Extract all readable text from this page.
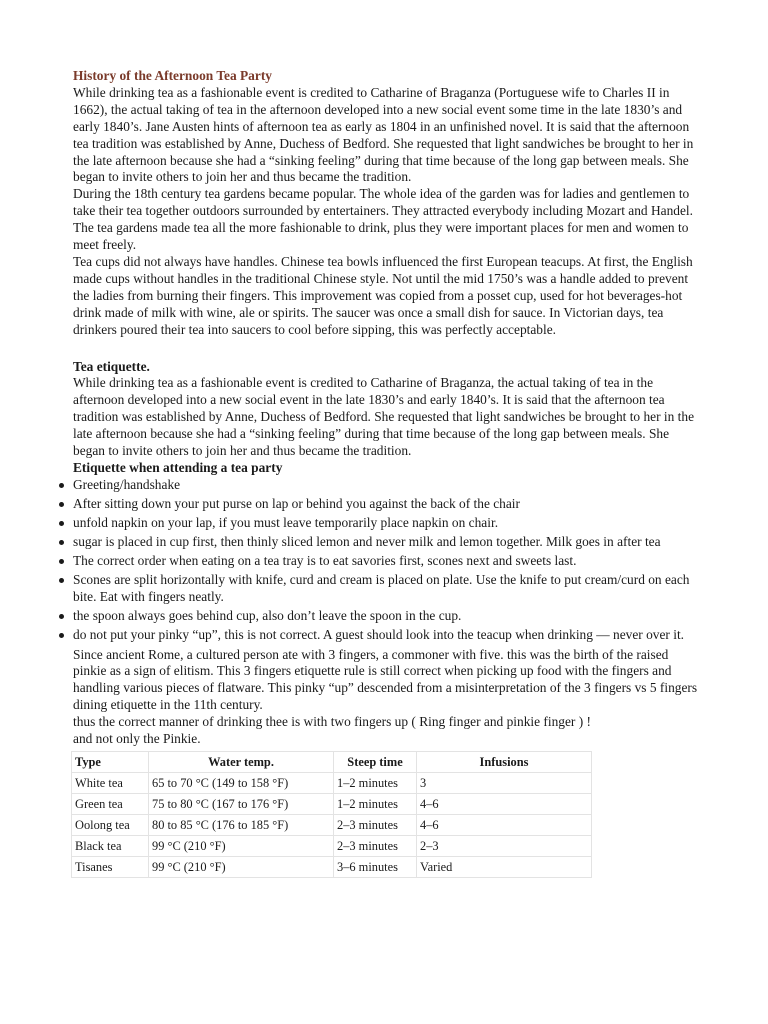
History of the Afternoon Tea Party

While drinking tea as a fashionable event is credited to Catharine of Braganza (Portuguese wife to Charles II in 1662), the actual taking of tea in the afternoon developed into a new social event some time in the late 1830’s and early 1840’s. Jane Austen hints of afternoon tea as early as 1804 in an unfinished novel. It is said that the afternoon tea tradition was established by Anne, Duchess of Bedford. She requested that light sandwiches be brought to her in the late afternoon because she had a “sinking feeling” during that time because of the long gap between meals. She began to invite others to join her and thus became the tradition.

During the 18th century tea gardens became popular. The whole idea of the garden was for ladies and gentlemen to take their tea together outdoors surrounded by entertainers. They attracted everybody including Mozart and Handel. The tea gardens made tea all the more fashionable to drink, plus they were important places for men and women to meet freely.

Tea cups did not always have handles. Chinese tea bowls influenced the first European teacups. At first, the English made cups without handles in the traditional Chinese style. Not until the mid 1750’s was a handle added to prevent the ladies from burning their fingers. This improvement was copied from a posset cup, used for hot beverages-hot drink made of milk with wine, ale or spirits. The saucer was once a small dish for sauce. In Victorian days, tea drinkers poured their tea into saucers to cool before sipping, this was perfectly acceptable.

Tea etiquette.

While drinking tea as a fashionable event is credited to Catharine of Braganza, the actual taking of tea in the afternoon developed into a new social event in the late 1830’s and early 1840’s. It is said that the afternoon tea tradition was established by Anne, Duchess of Bedford. She requested that light sandwiches be brought to her in the late afternoon because she had a “sinking feeling” during that time because of the long gap between meals. She began to invite others to join her and thus became the tradition.

Etiquette when attending a tea party

Greeting/handshake
After sitting down your put purse on lap or behind you against the back of the chair
unfold napkin on your lap, if you must leave temporarily place napkin on chair.
sugar is placed in cup first, then thinly sliced lemon and never milk and lemon together. Milk goes in after tea
The correct order when eating on a tea tray is to eat savories first, scones next and sweets last.
Scones are split horizontally with knife, curd and cream is placed on plate. Use the knife to put cream/curd on each bite. Eat with fingers neatly.
the spoon always goes behind cup, also don’t leave the spoon in the cup.
do not put your pinky “up”, this is not correct. A guest should look into the teacup when drinking — never over it.

Since ancient Rome, a cultured person ate with 3 fingers, a commoner with five. this was the birth of the raised pinkie as a sign of elitism. This 3 fingers etiquette rule is still correct when picking up food with the fingers and handling various pieces of flatware. This pinky “up” descended from a misinterpretation of the 3 fingers vs 5 fingers dining etiquette in the 11th century.

thus the correct manner of drinking thee is with two fingers up ( Ring finger and pinkie finger ) !

and not only the Pinkie.

Type	Water temp.	Steep time	Infusions
White tea	65 to 70 °C (149 to 158 °F)	1–2 minutes	3
Green tea	75 to 80 °C (167 to 176 °F)	1–2 minutes	4–6
Oolong tea	80 to 85 °C (176 to 185 °F)	2–3 minutes	4–6
Black tea	99 °C (210 °F)	2–3 minutes	2–3
Tisanes	99 °C (210 °F)	3–6 minutes	Varied
